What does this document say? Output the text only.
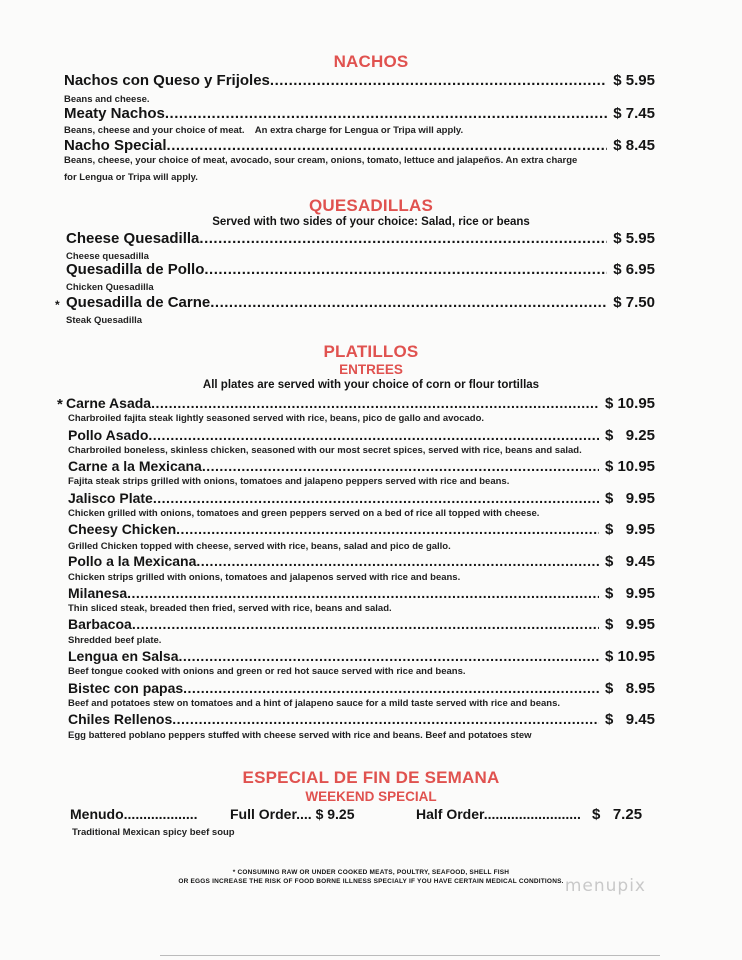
NACHOS
Nachos con Queso y Frijoles .....	$ 5.95
Beans and cheese.
Meaty Nachos .....	$ 7.45
Beans, cheese and your choice of meat.    An extra charge for Lengua or Tripa will apply.
Nacho Special .....	$ 8.45
Beans, cheese, your choice of meat, avocado, sour cream, onions, tomato, lettuce and jalapeños. An extra charge
for Lengua or Tripa will apply.
QUESADILLAS
Served with two sides of your choice: Salad, rice or beans
Cheese Quesadilla .....	$ 5.95
Cheese quesadilla
Quesadilla de Pollo .....	$ 6.95
Chicken Quesadilla
* Quesadilla de Carne .....	$ 7.50
Steak Quesadilla
PLATILLOS
ENTREES
All plates are served with your choice of corn or flour tortillas
* Carne Asada .....	$ 10.95
Charbroiled fajita steak lightly seasoned served with rice, beans, pico de gallo and avocado.
Pollo Asado .....	$   9.25
Charbroiled boneless, skinless chicken, seasoned with our most secret spices, served with rice, beans and salad.
Carne a la Mexicana .....	$ 10.95
Fajita steak strips grilled with onions, tomatoes and jalapeno peppers served with rice and beans.
Jalisco Plate .....	$   9.95
Chicken grilled with onions, tomatoes and green peppers served on a bed of rice all topped with cheese.
Cheesy Chicken .....	$   9.95
Grilled Chicken topped with cheese, served with rice, beans, salad and pico de gallo.
Pollo a la Mexicana .....	$   9.45
Chicken strips grilled with onions, tomatoes and jalapenos served with rice and beans.
Milanesa .....	$   9.95
Thin sliced steak, breaded then fried, served with rice, beans and salad.
Barbacoa .....	$   9.95
Shredded beef plate.
Lengua en Salsa .....	$ 10.95
Beef tongue cooked with onions and green or red hot sauce served with rice and beans.
Bistec con papas .....	$   8.95
Beef and potatoes stew on tomatoes and a hint of jalapeno sauce for a mild taste served with rice and beans.
Chiles Rellenos .....	$   9.45
Egg battered poblano peppers stuffed with cheese served with rice and beans. Beef and potatoes stew
ESPECIAL DE FIN DE SEMANA
WEEKEND SPECIAL
Menudo................... Full Order.... $ 9.25	Half Order......................... $   7.25
Traditional Mexican spicy beef soup
* CONSUMING RAW OR UNDER COOKED MEATS, POULTRY, SEAFOOD, SHELL FISH
OR EGGS INCREASE THE RISK OF FOOD BORNE ILLNESS SPECIALY IF YOU HAVE CERTAIN MEDICAL CONDITIONS. menupix
